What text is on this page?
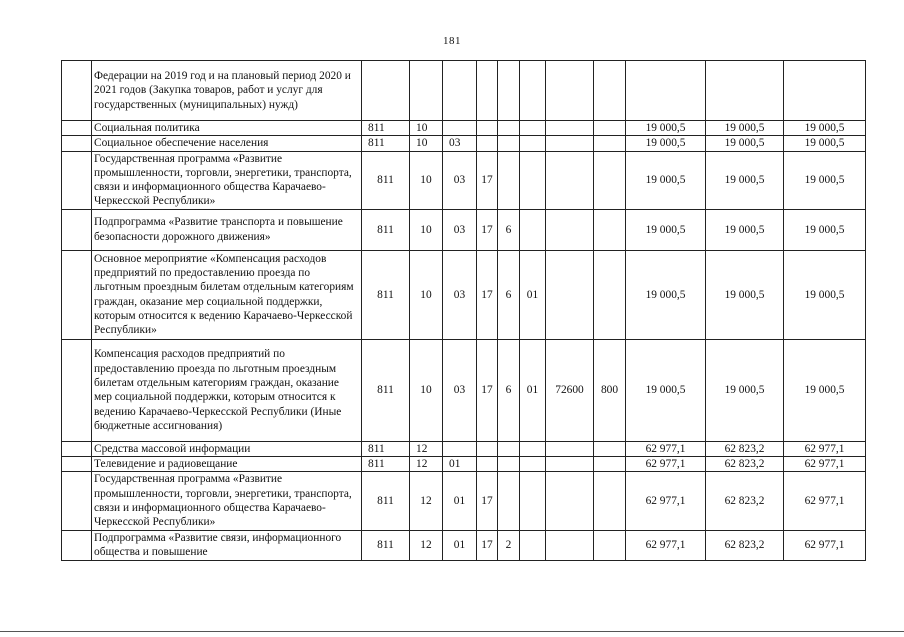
181
	Федерации на 2019 год и на плановый период 2020 и 2021 годов (Закупка товаров, работ и услуг для государственных (муниципальных) нужд)											
	Социальная политика	811	10							19 000,5	19 000,5	19 000,5
	Социальное обеспечение населения	811	10	03						19 000,5	19 000,5	19 000,5
	Государственная программа «Развитие промышленности, торговли, энергетики, транспорта, связи и информационного общества Карачаево-Черкесской Республики»	811	10	03	17					19 000,5	19 000,5	19 000,5
	Подпрограмма «Развитие транспорта и повышение безопасности дорожного движения»	811	10	03	17	6				19 000,5	19 000,5	19 000,5
	Основное мероприятие «Компенсация расходов предприятий по предоставлению проезда по льготным проездным билетам отдельным категориям граждан, оказание мер социальной поддержки, которым относится к ведению Карачаево-Черкесской Республики»	811	10	03	17	6	01			19 000,5	19 000,5	19 000,5
	Компенсация расходов предприятий по предоставлению проезда по льготным проездным билетам отдельным категориям граждан, оказание мер социальной поддержки, которым относится к ведению Карачаево-Черкесской Республики (Иные бюджетные ассигнования)	811	10	03	17	6	01	72600	800	19 000,5	19 000,5	19 000,5
	Средства массовой информации	811	12							62 977,1	62 823,2	62 977,1
	Телевидение и радиовещание	811	12	01						62 977,1	62 823,2	62 977,1
	Государственная программа «Развитие промышленности, торговли, энергетики, транспорта, связи и информационного общества Карачаево-Черкесской Республики»	811	12	01	17					62 977,1	62 823,2	62 977,1
	Подпрограмма «Развитие связи, информационного общества и повышение	811	12	01	17	2				62 977,1	62 823,2	62 977,1
